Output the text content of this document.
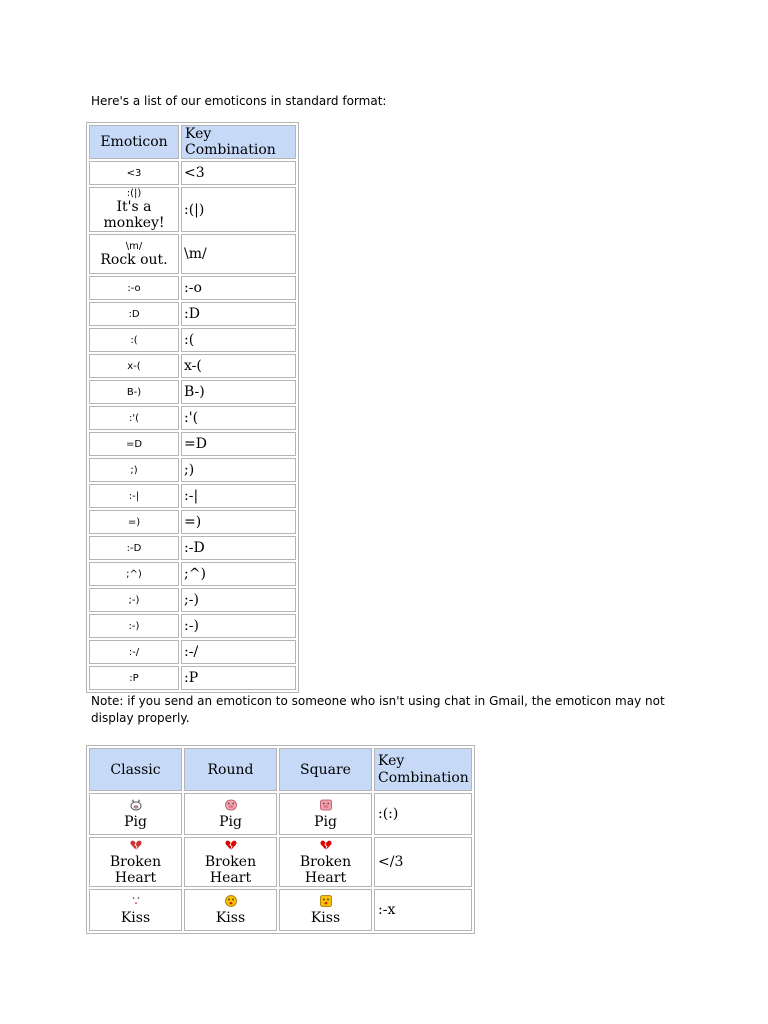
Here's a list of our emoticons in standard format:

Emoticon	Key Combination
<3	<3
:(|)
It's a monkey!	:(|)
\m/
Rock out.	\m/
:-o	:-o
:D	:D
:(	:(
x-(	x-(
B-)	B-)
:'(	:'(
=D	=D
;)	;)
:-|	:-|
=)	=)
:-D	:-D
;^)	;^)
;-)	;-)
:-)	:-)
:-/	:-/
:P	:P

Note: if you send an emoticon to someone who isn't using chat in Gmail, the emoticon may not display properly.

Classic	Round	Square	Key Combination

Pig	Pig	Pig	:(:)

Broken Heart	Broken Heart	Broken Heart	</3

Kiss	Kiss	Kiss	:-x
